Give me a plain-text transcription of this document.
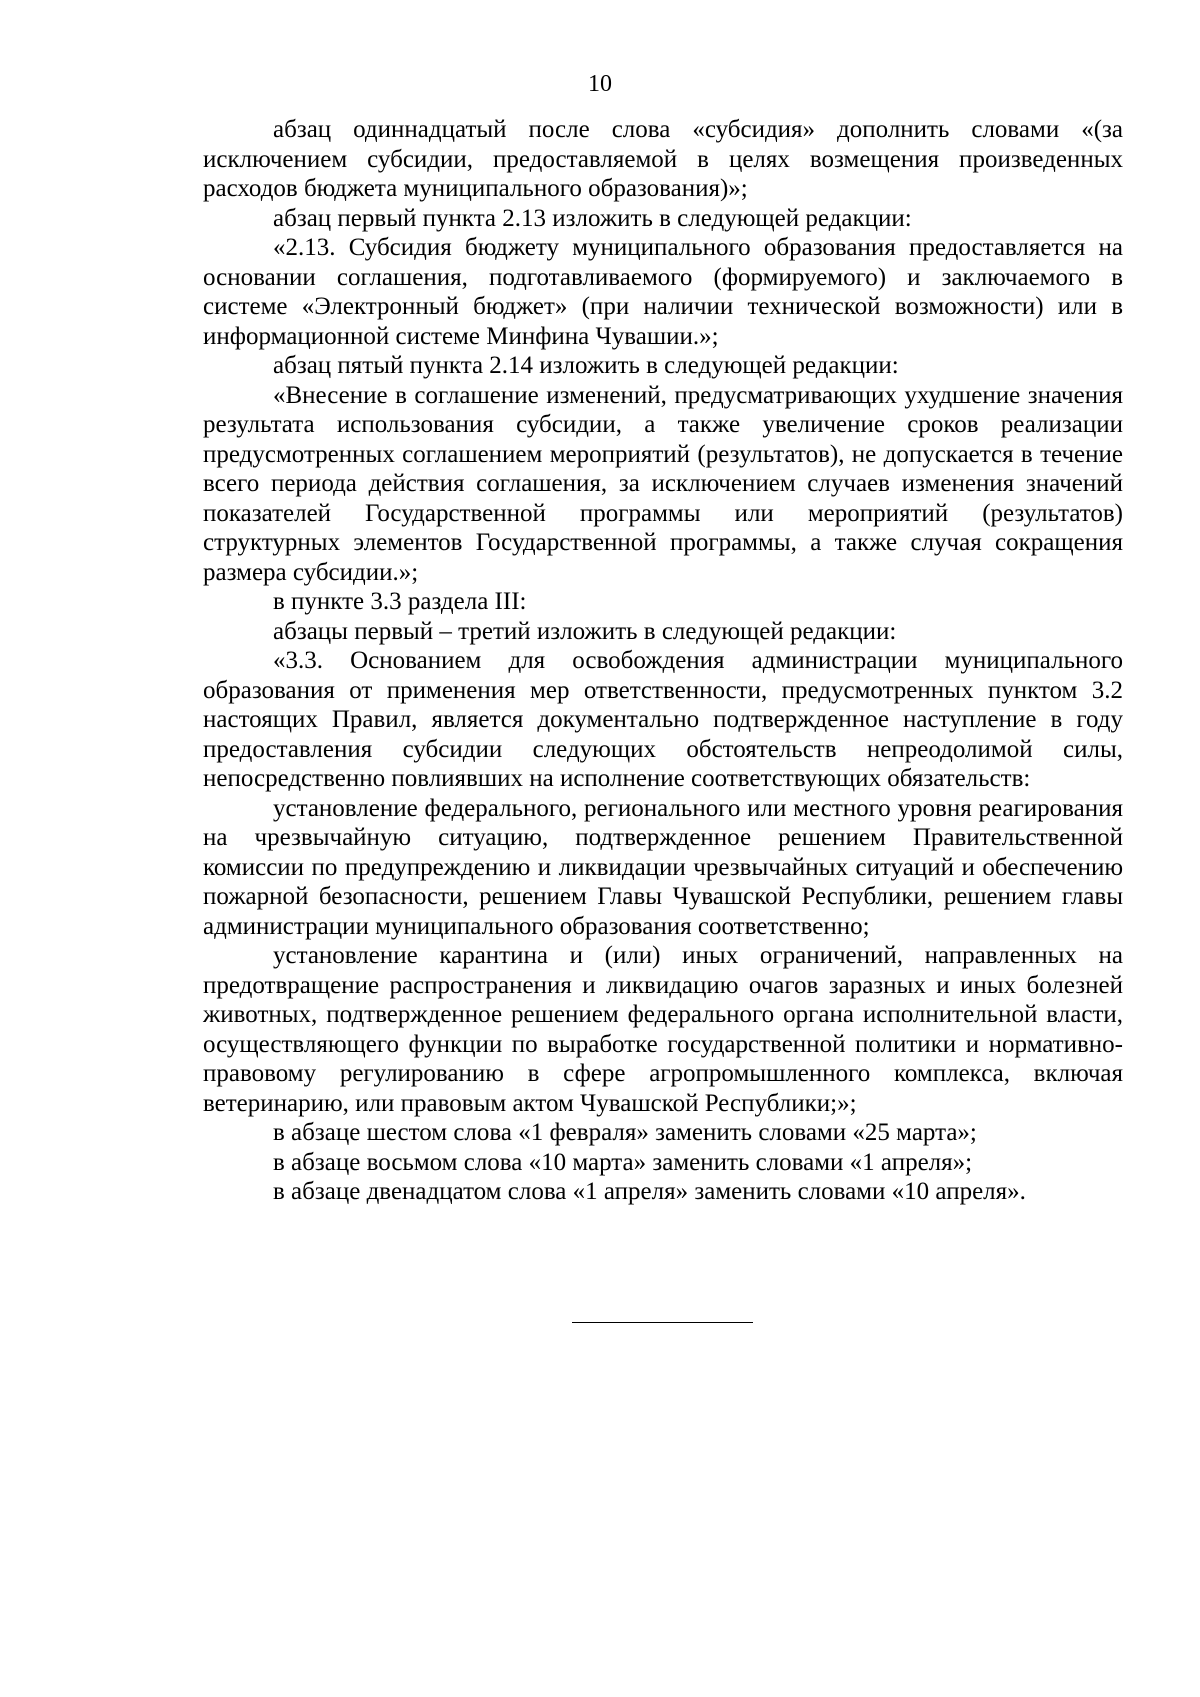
10

абзац одиннадцатый после слова «субсидия» дополнить словами «(за исключением субсидии, предоставляемой в целях возмещения произведенных расходов бюджета муниципального образования)»;

абзац первый пункта 2.13 изложить в следующей редакции:

«2.13. Субсидия бюджету муниципального образования предоставляется на основании соглашения, подготавливаемого (формируемого) и заключаемого в системе «Электронный бюджет» (при наличии технической возможности) или в информационной системе Минфина Чувашии.»;

абзац пятый пункта 2.14 изложить в следующей редакции:

«Внесение в соглашение изменений, предусматривающих ухудшение значения результата использования субсидии, а также увеличение сроков реализации предусмотренных соглашением мероприятий (результатов), не допускается в течение всего периода действия соглашения, за исключением случаев изменения значений показателей Государственной программы или мероприятий (результатов) структурных элементов Государственной программы, а также случая сокращения размера субсидии.»;

в пункте 3.3 раздела III:

абзацы первый – третий изложить в следующей редакции:

«3.3. Основанием для освобождения администрации муниципального образования от применения мер ответственности, предусмотренных пунктом 3.2 настоящих Правил, является документально подтвержденное наступление в году предоставления субсидии следующих обстоятельств непреодолимой силы, непосредственно повлиявших на исполнение соответствующих обязательств:

установление федерального, регионального или местного уровня реагирования на чрезвычайную ситуацию, подтвержденное решением Правительственной комиссии по предупреждению и ликвидации чрезвычайных ситуаций и обеспечению пожарной безопасности, решением Главы Чувашской Республики, решением главы администрации муниципального образования соответственно;

установление карантина и (или) иных ограничений, направленных на предотвращение распространения и ликвидацию очагов заразных и иных болезней животных, подтвержденное решением федерального органа исполнительной власти, осуществляющего функции по выработке государственной политики и нормативно-правовому регулированию в сфере агропромышленного комплекса, включая ветеринарию, или правовым актом Чувашской Республики;»;

в абзаце шестом слова «1 февраля» заменить словами «25 марта»;

в абзаце восьмом слова «10 марта» заменить словами «1 апреля»;

в абзаце двенадцатом слова «1 апреля» заменить словами «10 апреля».
